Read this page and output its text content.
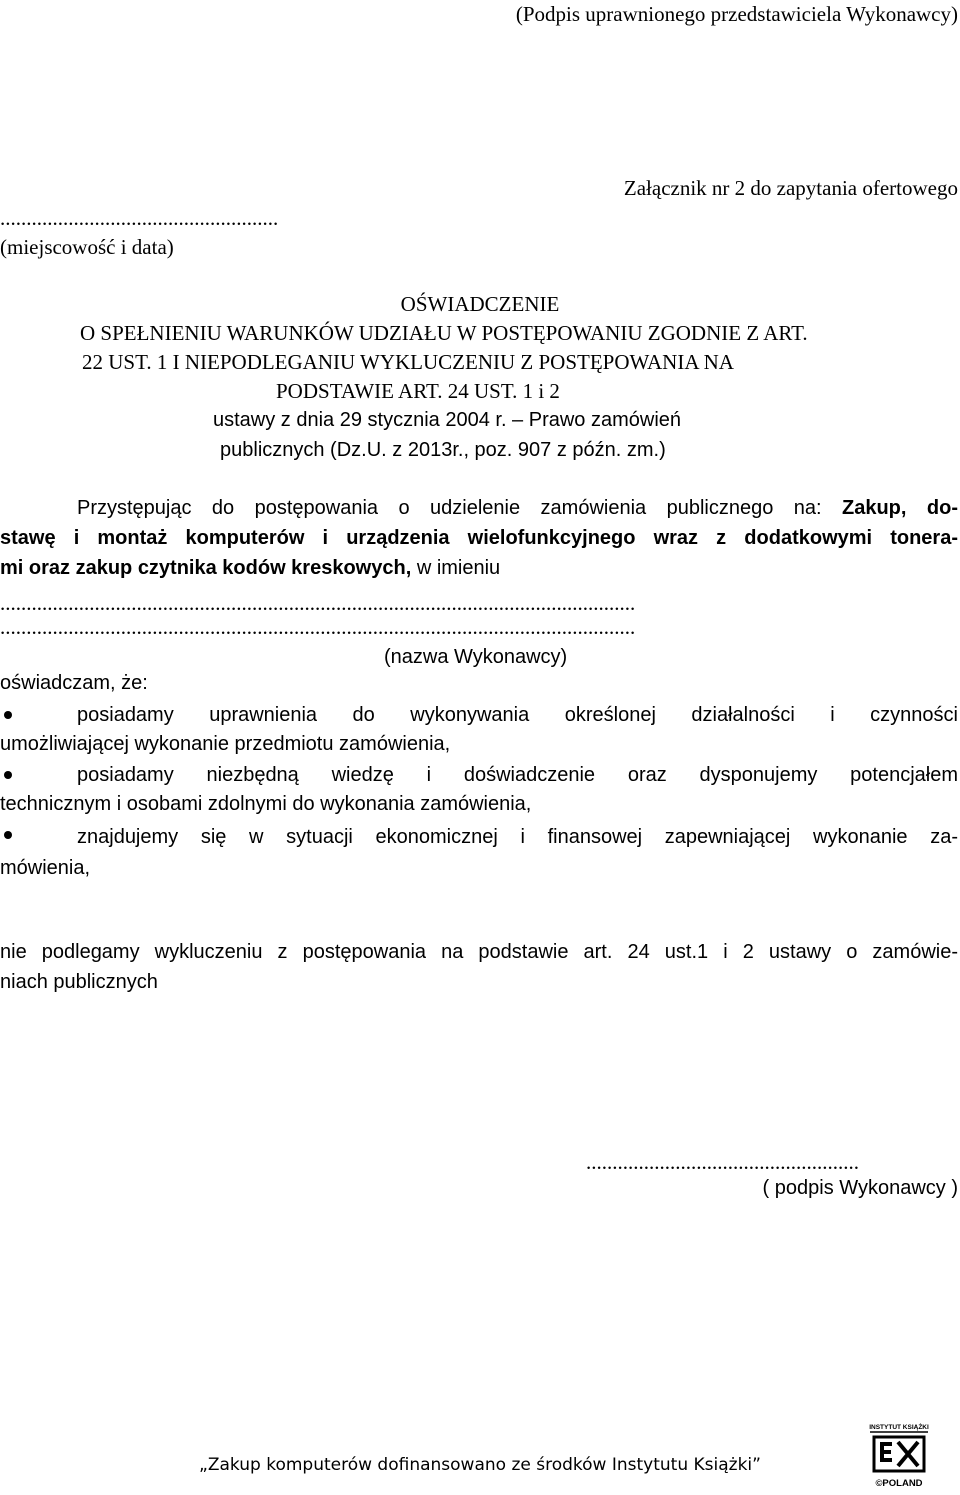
(Podpis uprawnionego przedstawiciela Wykonawcy)
Załącznik nr 2 do zapytania ofertowego
.....................................................
(miejscowość i data)
OŚWIADCZENIE
O SPEŁNIENIU WARUNKÓW UDZIAŁU W POSTĘPOWANIU ZGODNIE Z ART.
22 UST. 1 I NIEPODLEGANIU WYKLUCZENIU Z POSTĘPOWANIA NA
PODSTAWIE ART. 24 UST. 1 i 2
ustawy z dnia 29 stycznia 2004 r. – Prawo zamówień
publicznych (Dz.U. z 2013r., poz. 907 z późn. zm.)
Przystępując do postępowania o udzielenie zamówienia publicznego na: Zakup, do-
stawę i montaż komputerów i urządzenia wielofunkcyjnego wraz z dodatkowymi tonera-
mi oraz zakup czytnika kodów kreskowych, w imieniu
.........................................................................................................................
.........................................................................................................................
(nazwa Wykonawcy)
oświadczam, że:
posiadamy uprawnienia do wykonywania określonej działalności i czynności
umożliwiającej wykonanie przedmiotu zamówienia,
posiadamy niezbędną wiedzę i doświadczenie oraz dysponujemy potencjałem
technicznym i osobami zdolnymi do wykonania zamówienia,
znajdujemy się w sytuacji ekonomicznej i finansowej zapewniającej wykonanie za-
mówienia,
nie podlegamy wykluczeniu z postępowania na podstawie art. 24 ust.1 i 2 ustawy o zamówie-
niach publicznych
....................................................
( podpis Wykonawcy )
„Zakup komputerów dofinansowano ze środków Instytutu Książki”
INSTYTUT KSIĄŻKI
©POLAND
